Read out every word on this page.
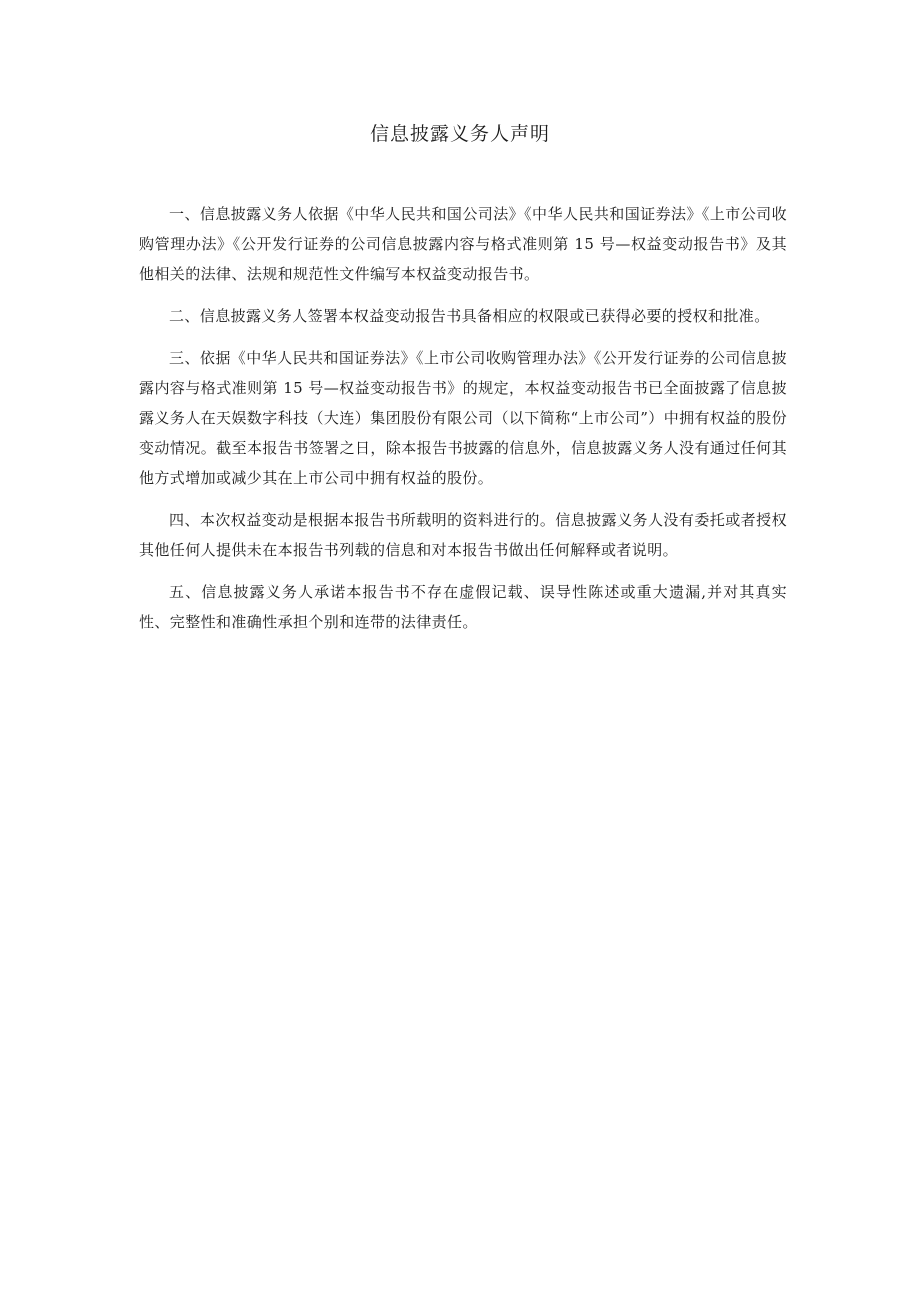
信息披露义务人声明

一、信息披露义务人依据《中华人民共和国公司法》《中华人民共和国证券法》《上市公司收购管理办法》《公开发行证券的公司信息披露内容与格式准则第 15 号—权益变动报告书》及其他相关的法律、法规和规范性文件编写本权益变动报告书。

二、信息披露义务人签署本权益变动报告书具备相应的权限或已获得必要的授权和批准。

三、依据《中华人民共和国证券法》《上市公司收购管理办法》《公开发行证券的公司信息披露内容与格式准则第 15 号—权益变动报告书》的规定，本权益变动报告书已全面披露了信息披露义务人在天娱数字科技（大连）集团股份有限公司（以下简称“上市公司”）中拥有权益的股份变动情况。截至本报告书签署之日，除本报告书披露的信息外，信息披露义务人没有通过任何其他方式增加或减少其在上市公司中拥有权益的股份。

四、本次权益变动是根据本报告书所载明的资料进行的。信息披露义务人没有委托或者授权其他任何人提供未在本报告书列载的信息和对本报告书做出任何解释或者说明。

五、信息披露义务人承诺本报告书不存在虚假记载、误导性陈述或重大遗漏,并对其真实性、完整性和准确性承担个别和连带的法律责任。
